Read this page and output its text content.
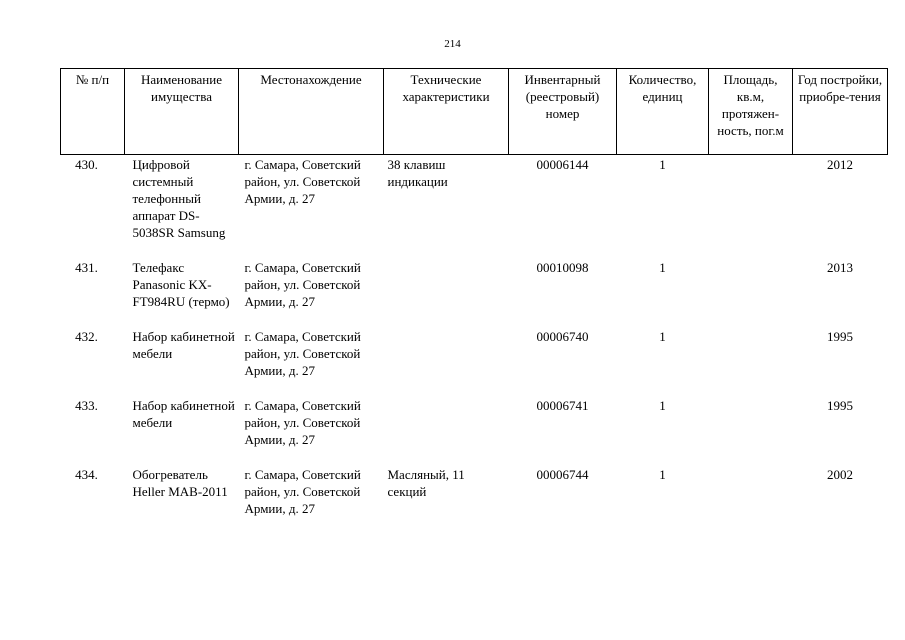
214
№ п/п	Наименование имущества	Местонахождение	Технические характеристики	Инвентарный (реестровый) номер	Количество, единиц	Площадь, кв.м, протяжен-ность, пог.м	Год постройки, приобре-тения
430.	Цифровой системный телефонный аппарат DS-5038SR Samsung	г. Самара, Советский район, ул. Советской Армии, д. 27	38 клавиш индикации	00006144	1		2012
431.	Телефакс Panasonic KX-FT984RU (термо)	г. Самара, Советский район, ул. Советской Армии, д. 27		00010098	1		2013
432.	Набор кабинетной мебели	г. Самара, Советский район, ул. Советской Армии, д. 27		00006740	1		1995
433.	Набор кабинетной мебели	г. Самара, Советский район, ул. Советской Армии, д. 27		00006741	1		1995
434.	Обогреватель Heller MAB-2011	г. Самара, Советский район, ул. Советской Армии, д. 27	Масляный, 11 секций	00006744	1		2002
